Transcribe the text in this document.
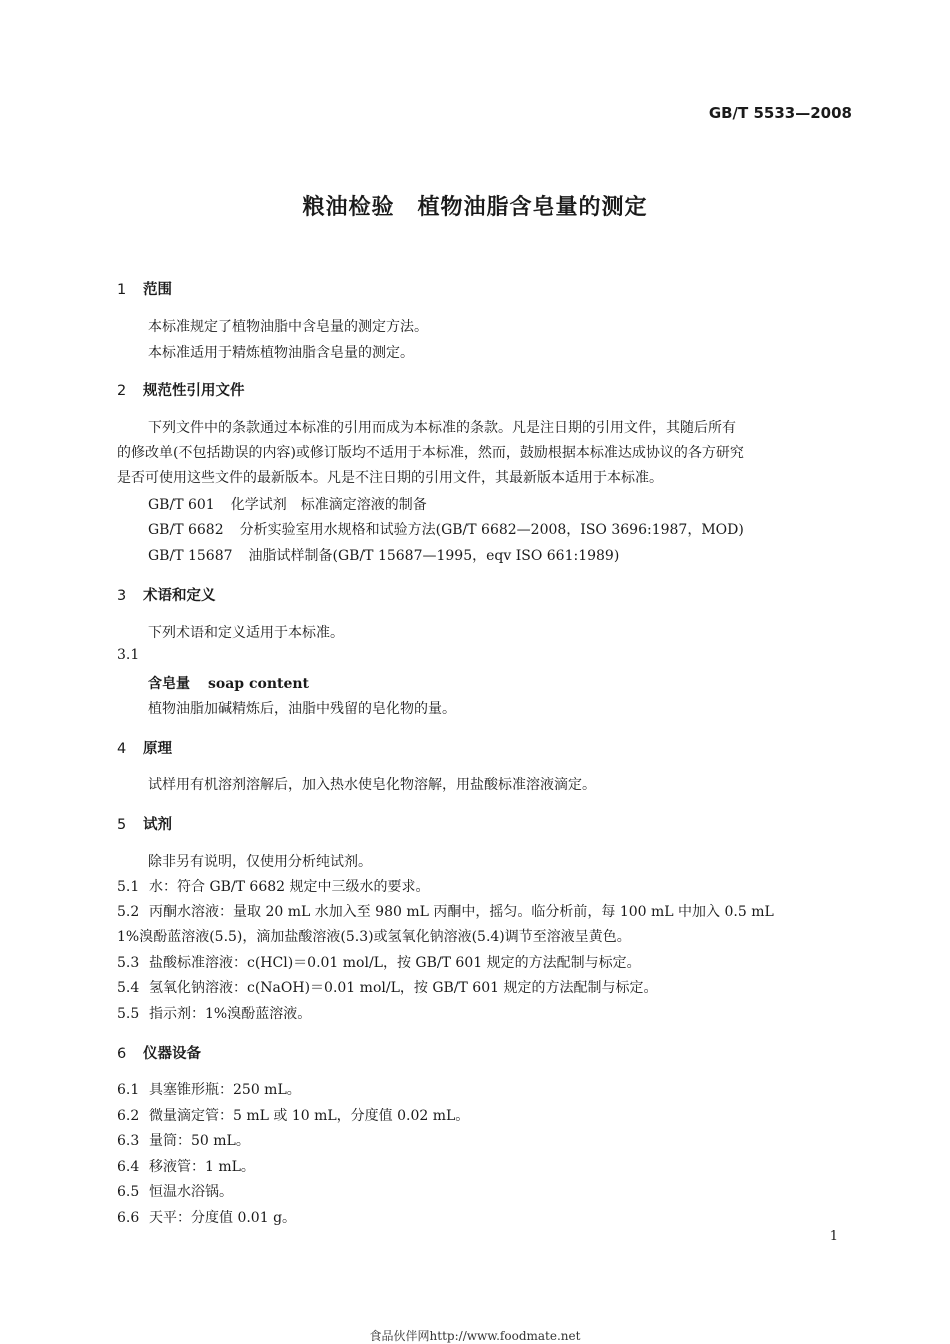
GB/T 5533—2008
粮油检验　植物油脂含皂量的测定
1 范围
本标准规定了植物油脂中含皂量的测定方法。
本标准适用于精炼植物油脂含皂量的测定。
2 规范性引用文件
下列文件中的条款通过本标准的引用而成为本标准的条款。凡是注日期的引用文件，其随后所有
的修改单(不包括勘误的内容)或修订版均不适用于本标准，然而，鼓励根据本标准达成协议的各方研究
是否可使用这些文件的最新版本。凡是不注日期的引用文件，其最新版本适用于本标准。
GB/T 601 化学试剂　标准滴定溶液的制备
GB/T 6682 分析实验室用水规格和试验方法(GB/T 6682—2008，ISO 3696:1987，MOD)
GB/T 15687 油脂试样制备(GB/T 15687—1995，eqv ISO 661:1989)
3 术语和定义
下列术语和定义适用于本标准。
3.1
含皂量 soap content
植物油脂加碱精炼后，油脂中残留的皂化物的量。
4 原理
试样用有机溶剂溶解后，加入热水使皂化物溶解，用盐酸标准溶液滴定。
5 试剂
除非另有说明，仅使用分析纯试剂。
5.1 水：符合 GB/T 6682 规定中三级水的要求。
5.2 丙酮水溶液：量取 20 mL 水加入至 980 mL 丙酮中，摇匀。临分析前，每 100 mL 中加入 0.5 mL
1%溴酚蓝溶液(5.5)，滴加盐酸溶液(5.3)或氢氧化钠溶液(5.4)调节至溶液呈黄色。
5.3 盐酸标准溶液：c(HCl)＝0.01 mol/L，按 GB/T 601 规定的方法配制与标定。
5.4 氢氧化钠溶液：c(NaOH)＝0.01 mol/L，按 GB/T 601 规定的方法配制与标定。
5.5 指示剂：1%溴酚蓝溶液。
6 仪器设备
6.1 具塞锥形瓶：250 mL。
6.2 微量滴定管：5 mL 或 10 mL，分度值 0.02 mL。
6.3 量筒：50 mL。
6.4 移液管：1 mL。
6.5 恒温水浴锅。
6.6 天平：分度值 0.01 g。
1
食品伙伴网http://www.foodmate.net
